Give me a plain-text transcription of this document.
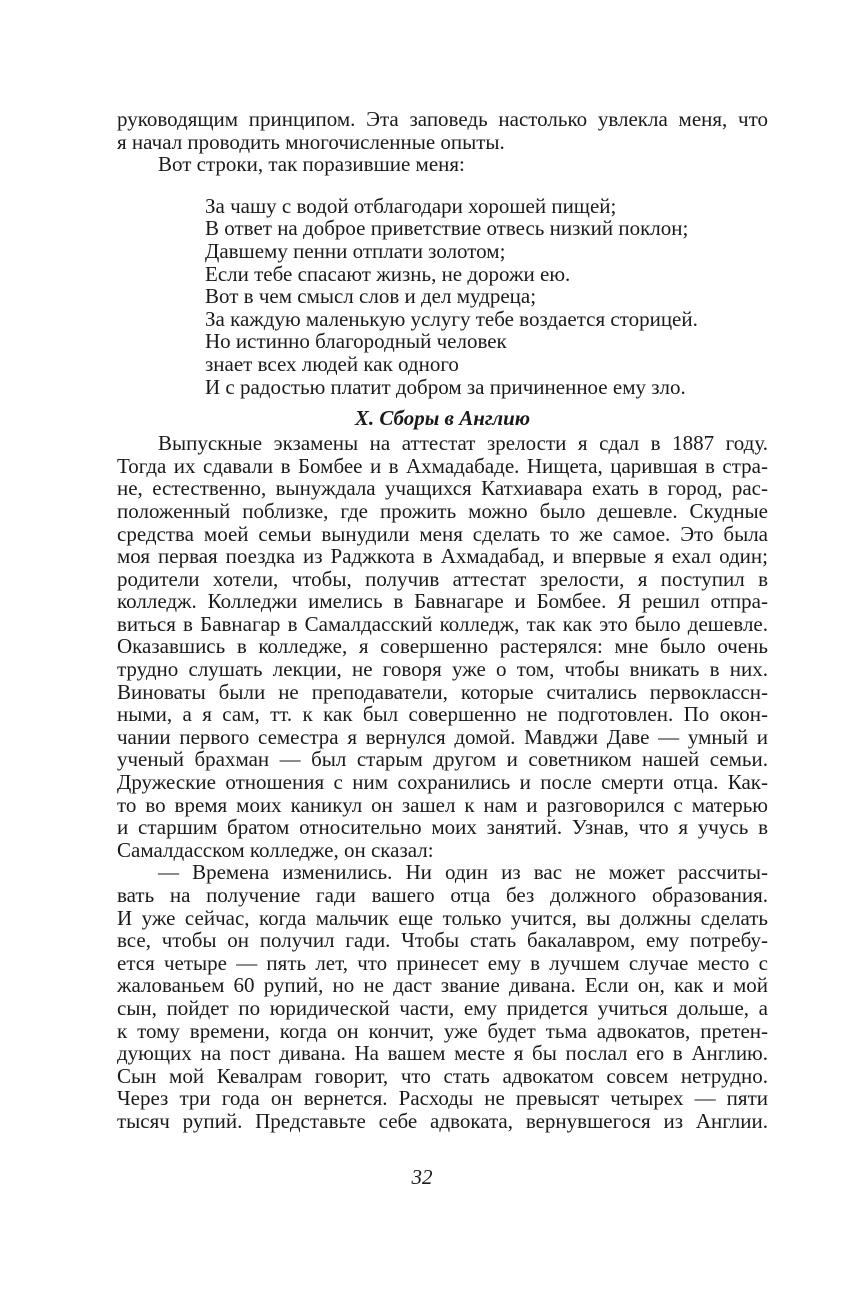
руководящим принципом. Эта заповедь настолько увлекла меня, что
я начал проводить многочисленные опыты.
Вот строки, так поразившие меня:
За чашу с водой отблагодари хорошей пищей;
В ответ на доброе приветствие отвесь низкий поклон;
Давшему пенни отплати золотом;
Если тебе спасают жизнь, не дорожи ею.
Вот в чем смысл слов и дел мудреца;
За каждую маленькую услугу тебе воздается сторицей.
Но истинно благородный человек
знает всех людей как одного
И с радостью платит добром за причиненное ему зло.
X. Сборы в Англию
Выпускные экзамены на аттестат зрелости я сдал в 1887 году.
Тогда их сдавали в Бомбее и в Ахмадабаде. Нищета, царившая в стра-
не, естественно, вынуждала учащихся Катхиавара ехать в город, рас-
положенный поблизке, где прожить можно было дешевле. Скудные
средства моей семьи вынудили меня сделать то же самое. Это была
моя первая поездка из Раджкота в Ахмадабад, и впервые я ехал один;
родители хотели, чтобы, получив аттестат зрелости, я поступил в
колледж. Колледжи имелись в Бавнагаре и Бомбее. Я решил отпра-
виться в Бавнагар в Самалдасский колледж, так как это было дешевле.
Оказавшись в колледже, я совершенно растерялся: мне было очень
трудно слушать лекции, не говоря уже о том, чтобы вникать в них.
Виноваты были не преподаватели, которые считались первоклассн-
ными, а я сам, тт. к как был совершенно не подготовлен. По окон-
чании первого семестра я вернулся домой. Мавджи Даве — умный и
ученый брахман — был старым другом и советником нашей семьи.
Дружеские отношения с ним сохранились и после смерти отца. Как-
то во время моих каникул он зашел к нам и разговорился с матерью
и старшим братом относительно моих занятий. Узнав, что я учусь в
Самалдасском колледже, он сказал:
— Времена изменились. Ни один из вас не может рассчиты-
вать на получение гади вашего отца без должного образования.
И уже сейчас, когда мальчик еще только учится, вы должны сделать
все, чтобы он получил гади. Чтобы стать бакалавром, ему потребу-
ется четыре — пять лет, что принесет ему в лучшем случае место с
жалованьем 60 рупий, но не даст звание дивана. Если он, как и мой
сын, пойдет по юридической части, ему придется учиться дольше, а
к тому времени, когда он кончит, уже будет тьма адвокатов, претен-
дующих на пост дивана. На вашем месте я бы послал его в Англию.
Сын мой Кевалрам говорит, что стать адвокатом совсем нетрудно.
Через три года он вернется. Расходы не превысят четырех — пяти
тысяч рупий. Представьте себе адвоката, вернувшегося из Англии.
32
